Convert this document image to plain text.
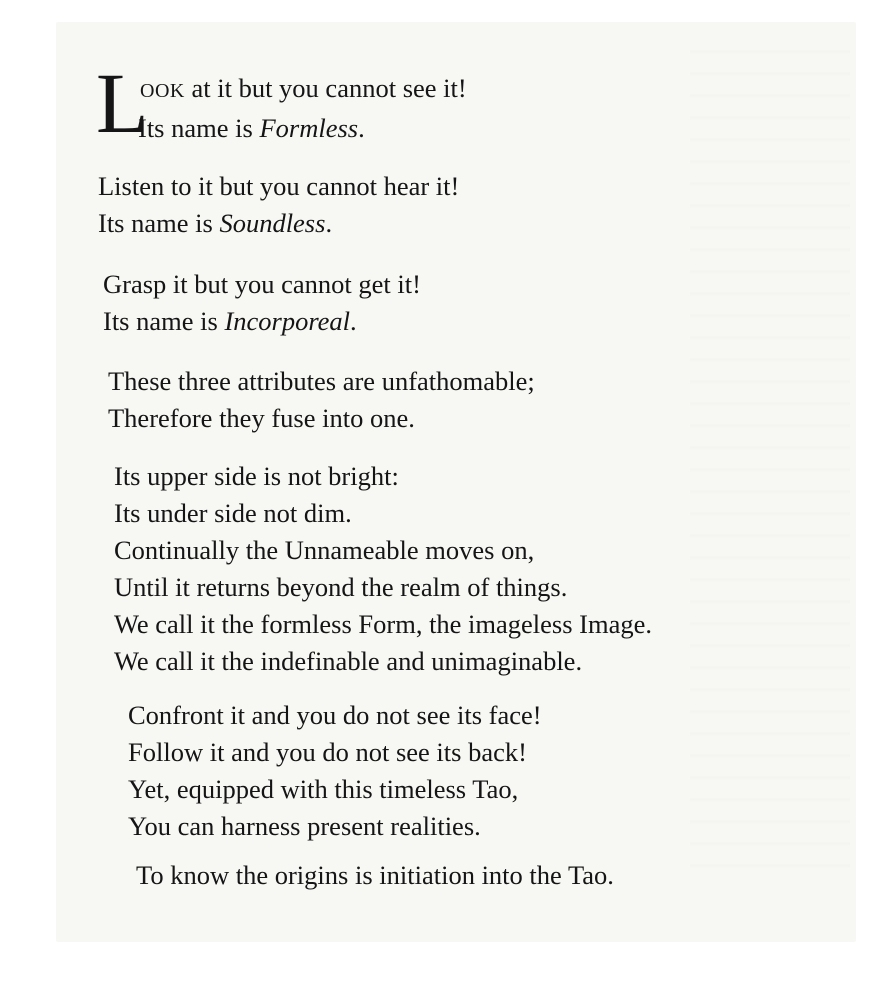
L
OOK at it but you cannot see it!
Its name is Formless.
Listen to it but you cannot hear it!
Its name is Soundless.
Grasp it but you cannot get it!
Its name is Incorporeal.
These three attributes are unfathomable;
Therefore they fuse into one.
Its upper side is not bright:
Its under side not dim.
Continually the Unnameable moves on,
Until it returns beyond the realm of things.
We call it the formless Form, the imageless Image.
We call it the indefinable and unimaginable.
Confront it and you do not see its face!
Follow it and you do not see its back!
Yet, equipped with this timeless Tao,
You can harness present realities.
To know the origins is initiation into the Tao.
